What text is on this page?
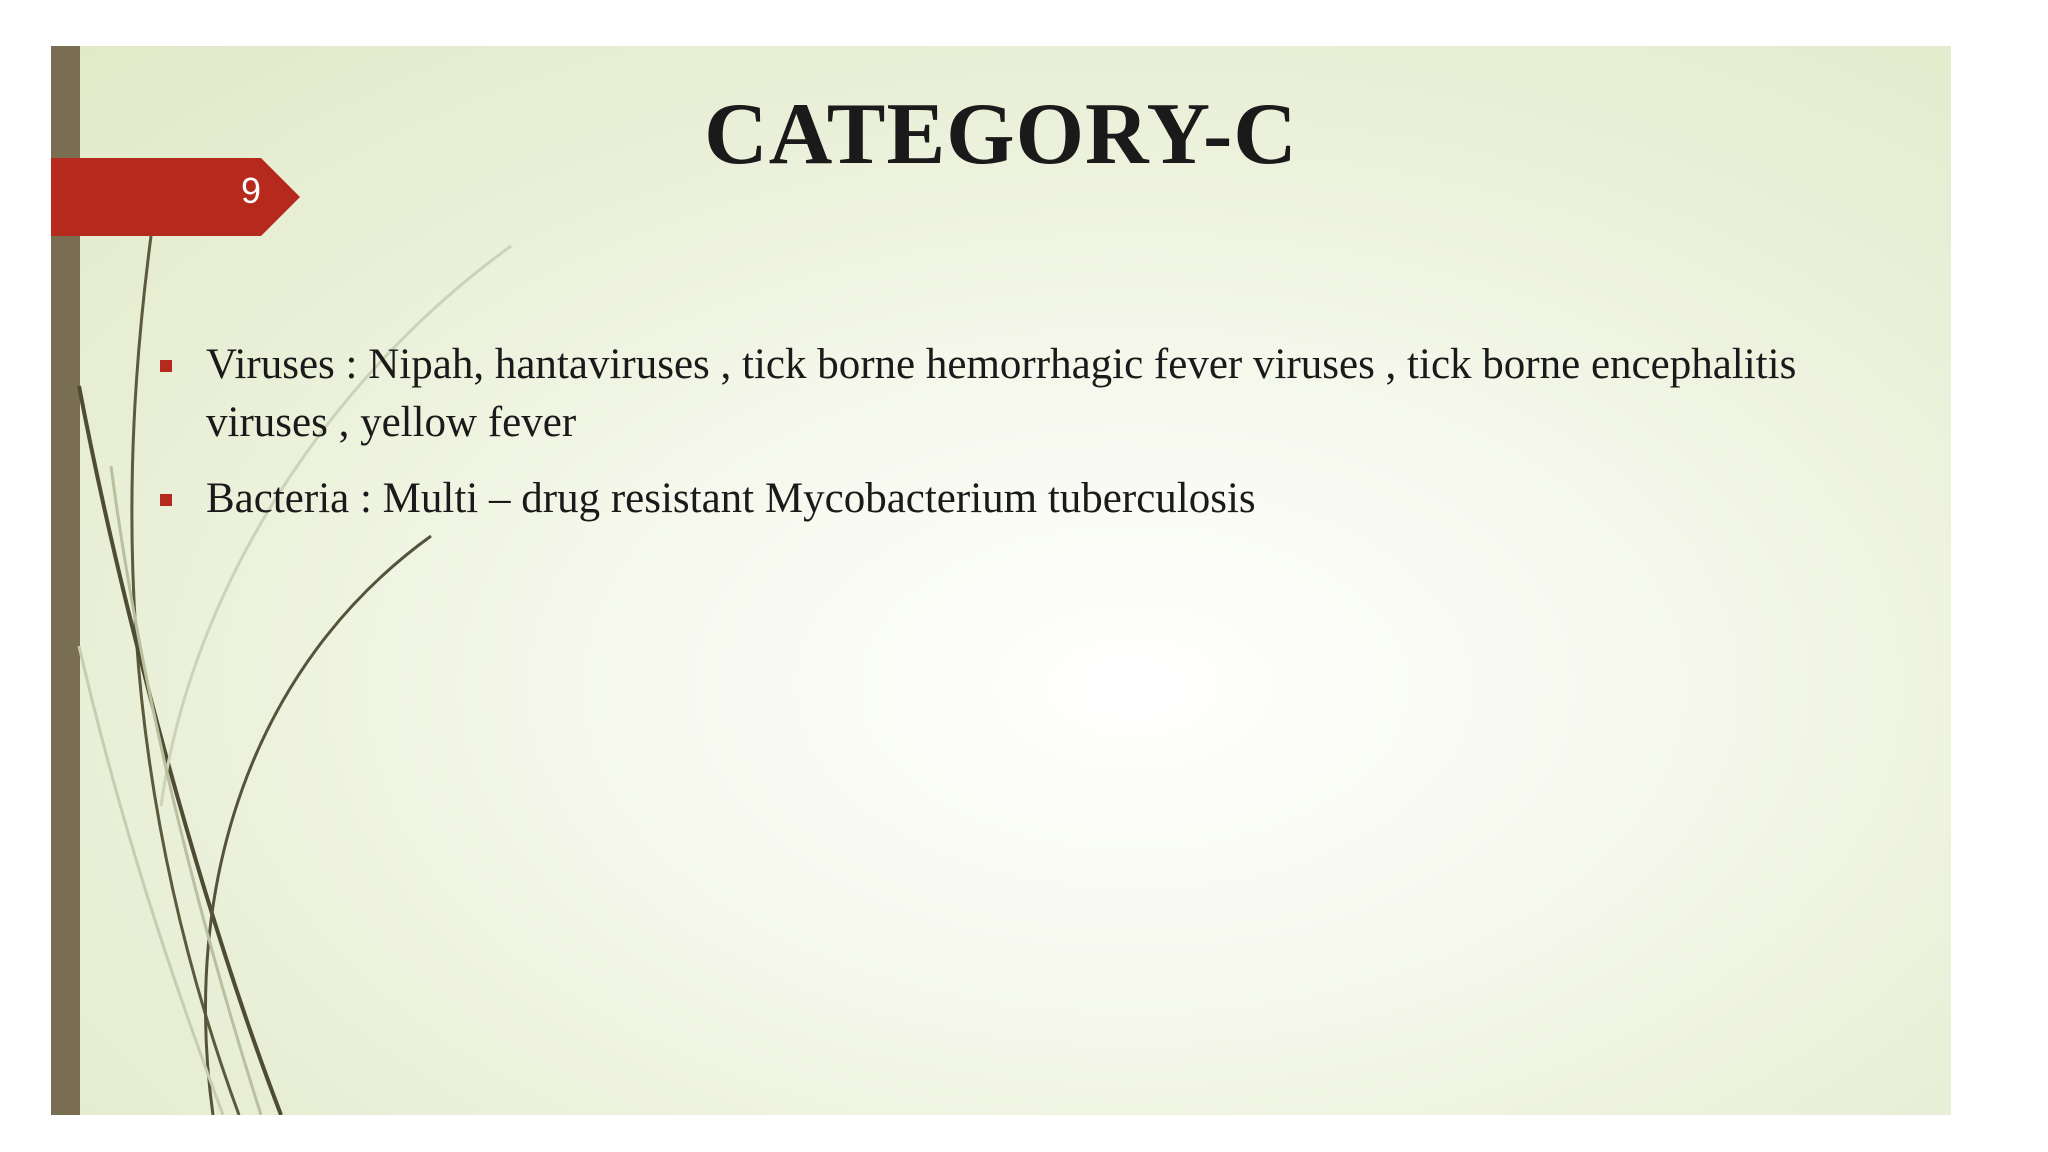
9
CATEGORY-C
Viruses : Nipah, hantaviruses , tick borne hemorrhagic fever viruses , tick borne encephalitis viruses , yellow fever
Bacteria : Multi – drug resistant Mycobacterium tuberculosis
